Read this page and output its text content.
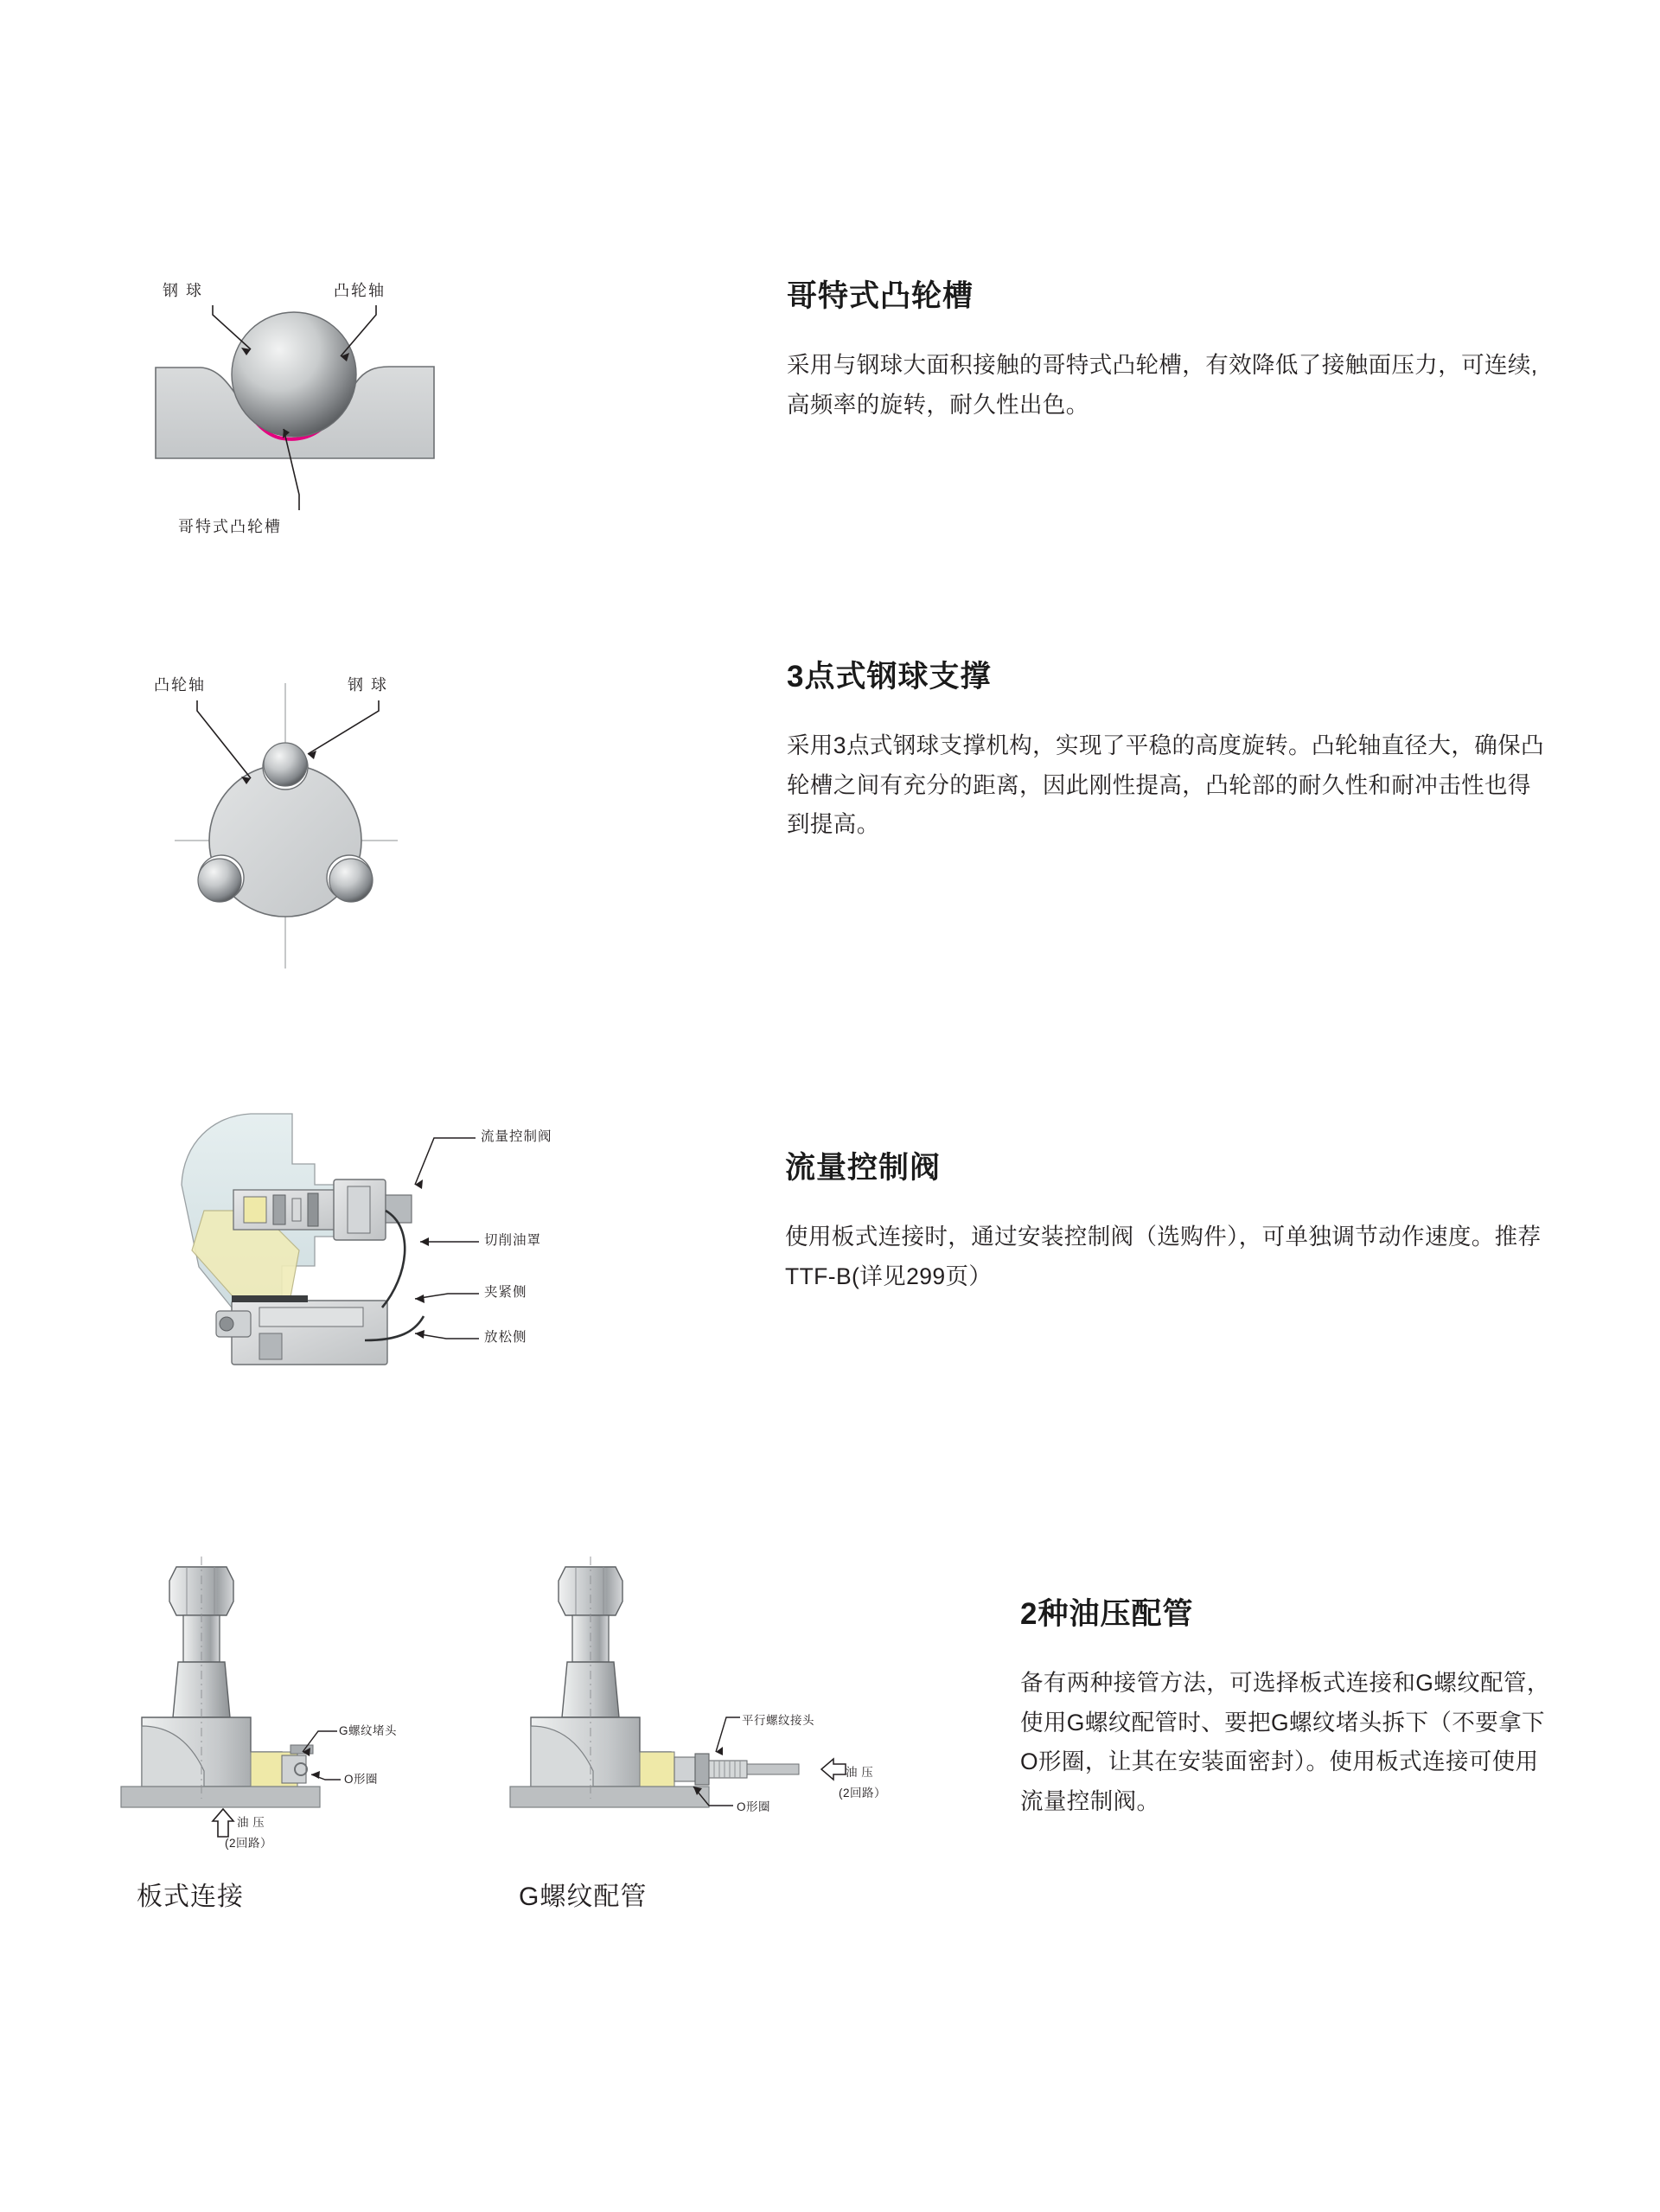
钢 球	凸轮轴
哥特式凸轮槽
哥特式凸轮槽

采用与钢球大面积接触的哥特式凸轮槽，有效降低了接触面压力，可连续,高频率的旋转，耐久性出色。

凸轮轴	钢 球	3点式钢球支撑

采用3点式钢球支撑机构，实现了平稳的高度旋转。凸轮轴直径大，确保凸轮槽之间有充分的距离，因此刚性提高，凸轮部的耐久性和耐冲击性也得到提高。

流量控制阀
切削油罩
夹紧侧
放松侧
流量控制阀

使用板式连接时，通过安装控制阀（选购件），可单独调节动作速度。推荐TTF-B(详见299页）

G螺纹堵头
O形圈
油 压
(2回路）
板式连接
平行螺纹接头
油 压
(2回路）
O形圈
G螺纹配管
2种油压配管

备有两种接管方法，可选择板式连接和G螺纹配管，使用G螺纹配管时、要把G螺纹堵头拆下（不要拿下O形圈，让其在安装面密封）。使用板式连接可使用流量控制阀。
